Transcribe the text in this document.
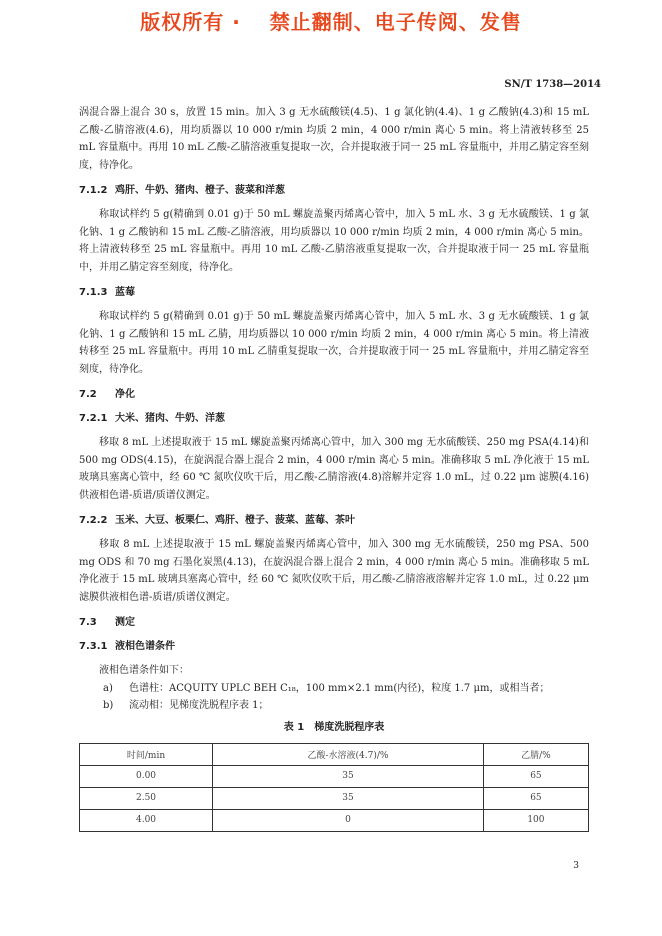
版权所有 ·　 禁止翻制、电子传阅、发售
SN/T 1738—2014

涡混合器上混合 30 s，放置 15 min。加入 3 g 无水硫酸镁(4.5)、1 g 氯化钠(4.4)、1 g 乙酸钠(4.3)和 15 mL 乙酸-乙腈溶液(4.6)，用均质器以 10 000 r/min 均质 2 min，4 000 r/min 离心 5 min。将上清液转移至 25 mL 容量瓶中。再用 10 mL 乙酸-乙腈溶液重复提取一次，合并提取液于同一 25 mL 容量瓶中，并用乙腈定容至刻度，待净化。

7.1.2 鸡肝、牛奶、猪肉、橙子、菠菜和洋葱

称取试样约 5 g(精确到 0.01 g)于 50 mL 螺旋盖聚丙烯离心管中，加入 5 mL 水、3 g 无水硫酸镁、1 g 氯化钠、1 g 乙酸钠和 15 mL 乙酸-乙腈溶液，用均质器以 10 000 r/min 均质 2 min，4 000 r/min 离心 5 min。将上清液转移至 25 mL 容量瓶中。再用 10 mL 乙酸-乙腈溶液重复提取一次，合并提取液于同一 25 mL 容量瓶中，并用乙腈定容至刻度，待净化。

7.1.3 蓝莓

称取试样约 5 g(精确到 0.01 g)于 50 mL 螺旋盖聚丙烯离心管中，加入 5 mL 水、3 g 无水硫酸镁、1 g 氯化钠、1 g 乙酸钠和 15 mL 乙腈，用均质器以 10 000 r/min 均质 2 min，4 000 r/min 离心 5 min。将上清液转移至 25 mL 容量瓶中。再用 10 mL 乙腈重复提取一次，合并提取液于同一 25 mL 容量瓶中，并用乙腈定容至刻度，待净化。

7.2 净化
7.2.1 大米、猪肉、牛奶、洋葱

移取 8 mL 上述提取液于 15 mL 螺旋盖聚丙烯离心管中，加入 300 mg 无水硫酸镁、250 mg PSA(4.14)和 500 mg ODS(4.15)，在旋涡混合器上混合 2 min，4 000 r/min 离心 5 min。准确移取 5 mL 净化液于 15 mL 玻璃具塞离心管中，经 60 ℃ 氮吹仪吹干后，用乙酸-乙腈溶液(4.8)溶解并定容 1.0 mL，过 0.22 μm 滤膜(4.16)供液相色谱-质谱/质谱仪测定。

7.2.2 玉米、大豆、板栗仁、鸡肝、橙子、菠菜、蓝莓、茶叶

移取 8 mL 上述提取液于 15 mL 螺旋盖聚丙烯离心管中，加入 300 mg 无水硫酸镁，250 mg PSA、500 mg ODS 和 70 mg 石墨化炭黑(4.13)，在旋涡混合器上混合 2 min，4 000 r/min 离心 5 min。准确移取 5 mL 净化液于 15 mL 玻璃具塞离心管中，经 60 ℃ 氮吹仪吹干后，用乙酸-乙腈溶液溶解并定容 1.0 mL，过 0.22 μm 滤膜供液相色谱-质谱/质谱仪测定。

7.3 测定
7.3.1 液相色谱条件

液相色谱条件如下：

a) 色谱柱：ACQUITY UPLC BEH C₁₈，100 mm×2.1 mm(内径)，粒度 1.7 μm，或相当者；
b) 流动相：见梯度洗脱程序表 1；
表 1　梯度洗脱程序表
时间/min	乙酸-水溶液(4.7)/%	乙腈/%
0.00	35	65
2.50	35	65
4.00	0	100
3
